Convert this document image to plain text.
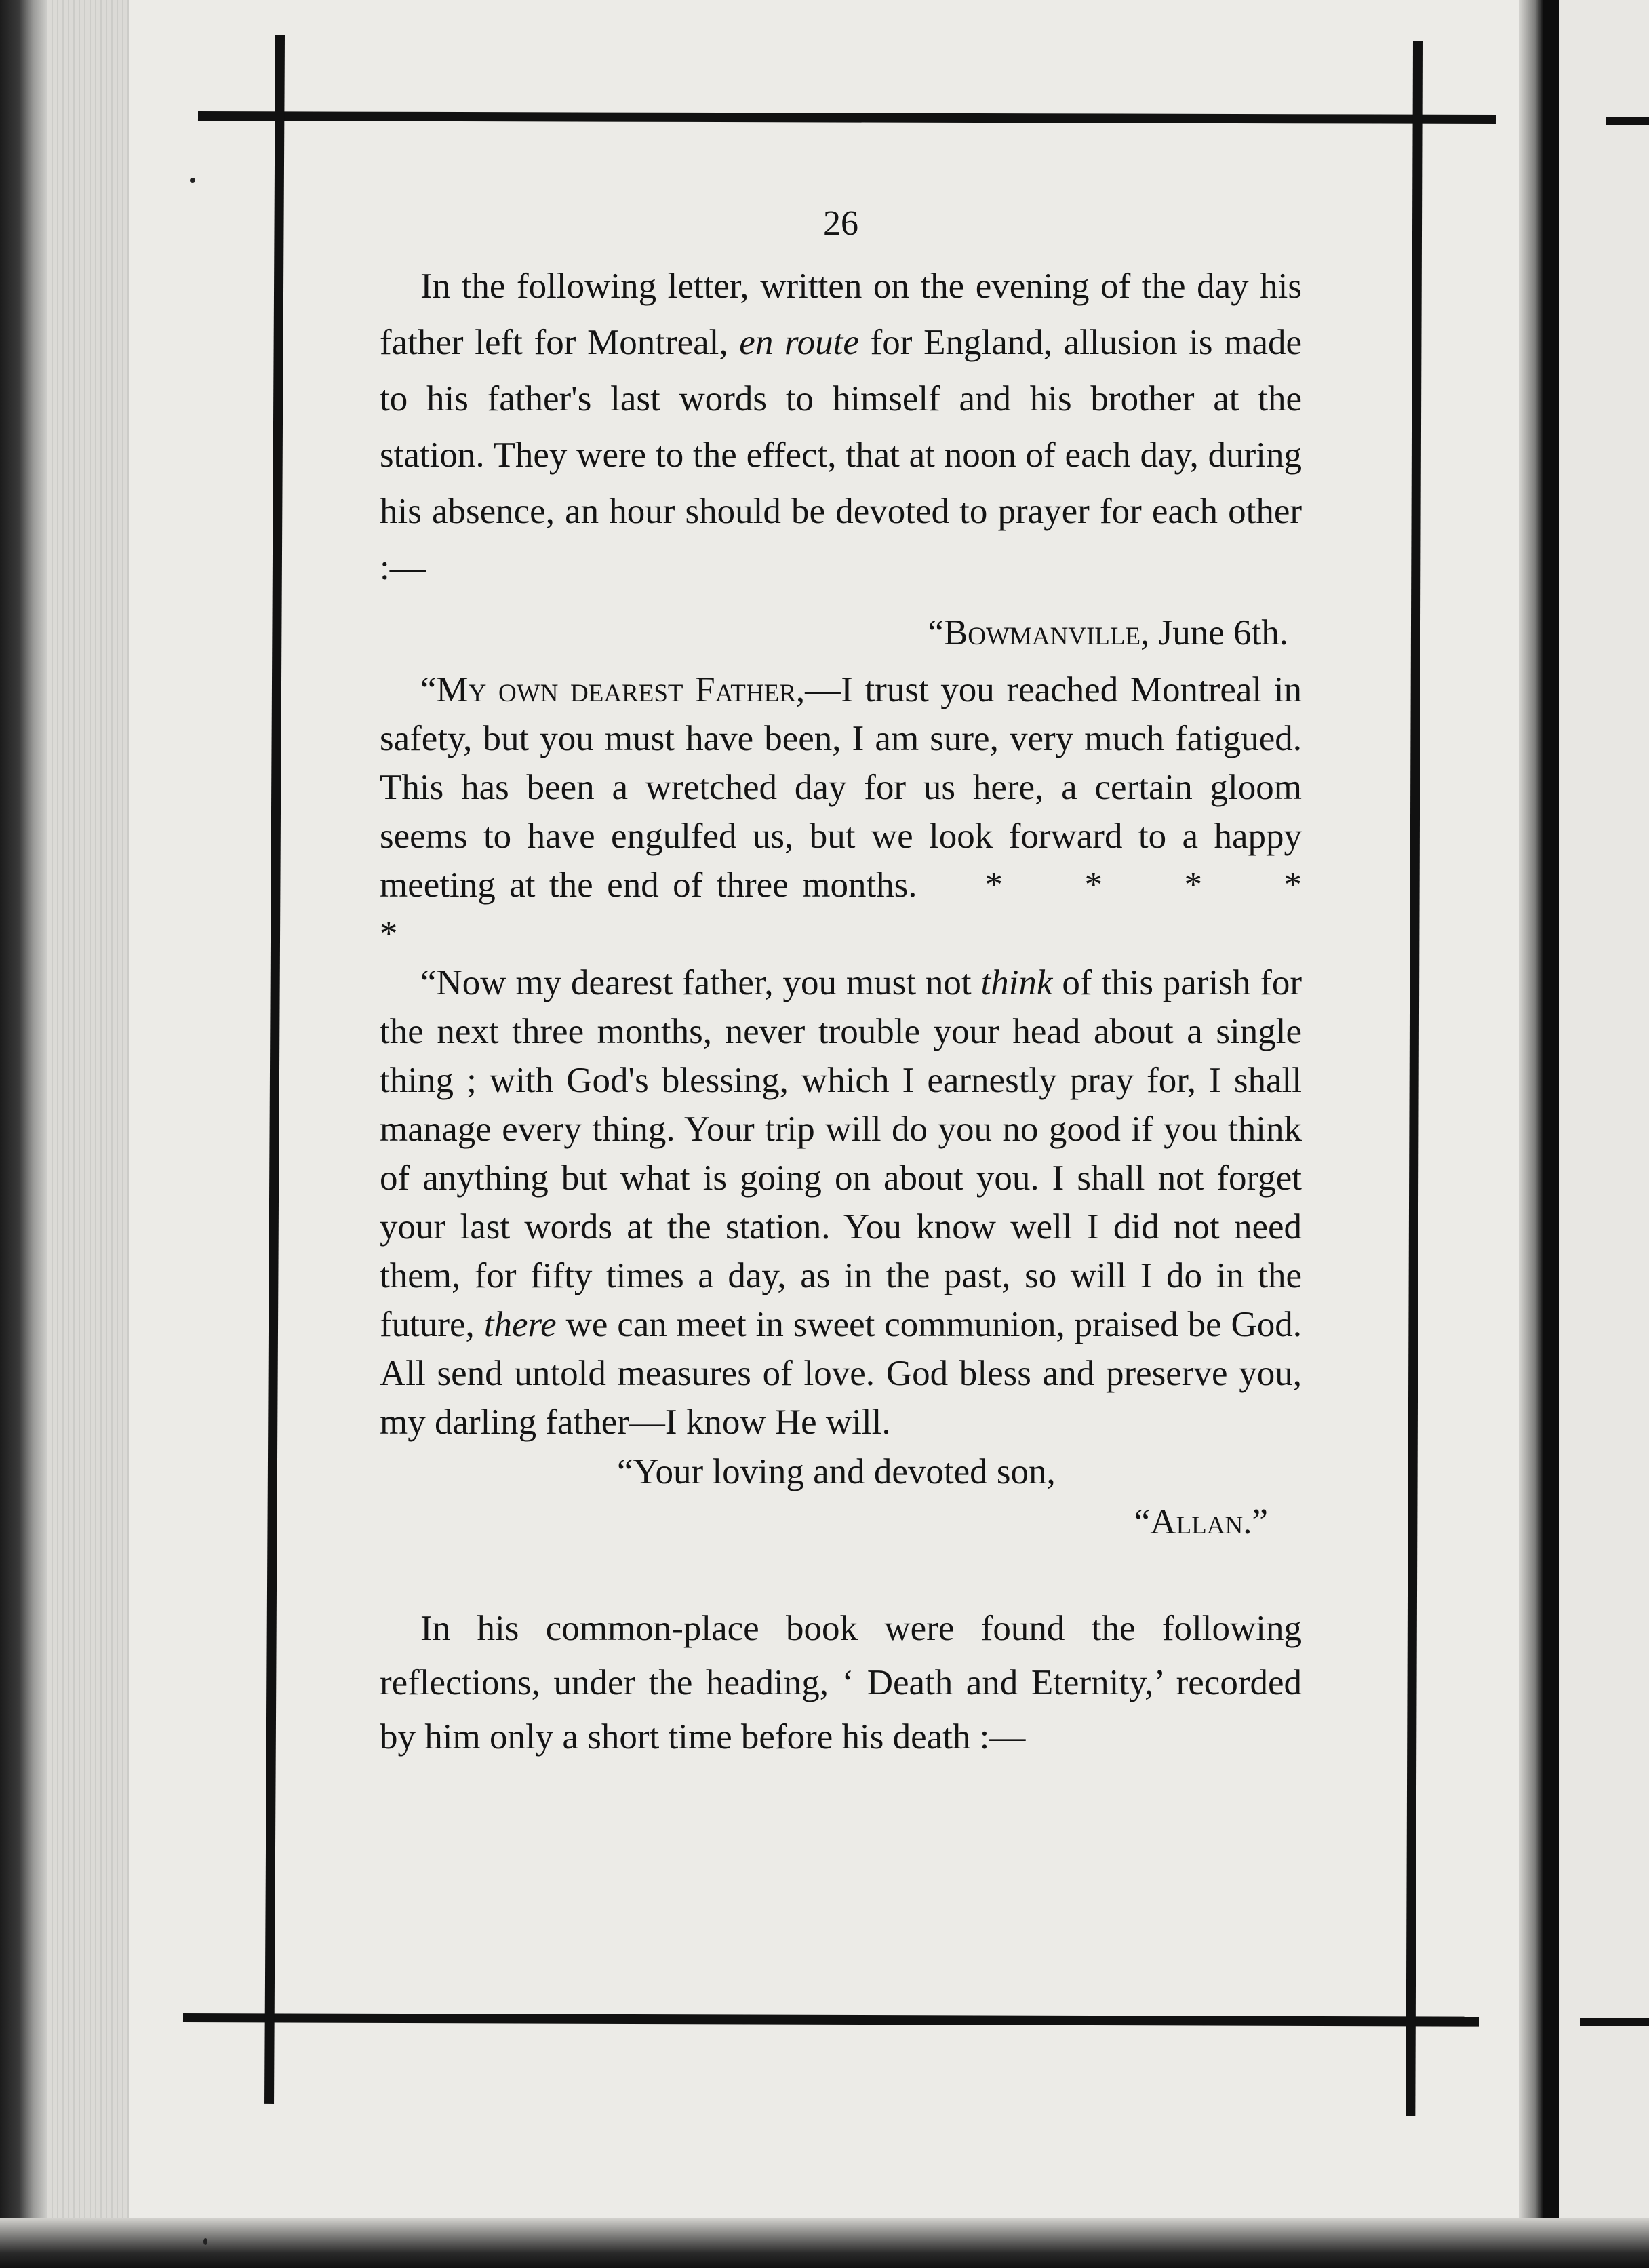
26

In the following letter, written on the evening of the day his father left for Montreal, en route for England, allusion is made to his father's last words to himself and his brother at the station. They were to the effect, that at noon of each day, during his absence, an hour should be devoted to prayer for each other :—

“Bowmanville, June 6th.

“My own dearest Father,—I trust you reached Montreal in safety, but you must have been, I am sure, very much fatigued. This has been a wretched day for us here, a certain gloom seems to have engulfed us, but we look forward to a happy meeting at the end of three months. * * * * *

“Now my dearest father, you must not think of this parish for the next three months, never trouble your head about a single thing ; with God's blessing, which I earnestly pray for, I shall manage every thing. Your trip will do you no good if you think of anything but what is going on about you. I shall not forget your last words at the station. You know well I did not need them, for fifty times a day, as in the past, so will I do in the future, there we can meet in sweet communion, praised be God. All send untold measures of love. God bless and preserve you, my darling father—I know He will.

“Your loving and devoted son,
“Allan.”

In his common-place book were found the following reflections, under the heading, ‘ Death and Eternity,’ recorded by him only a short time before his death :—
